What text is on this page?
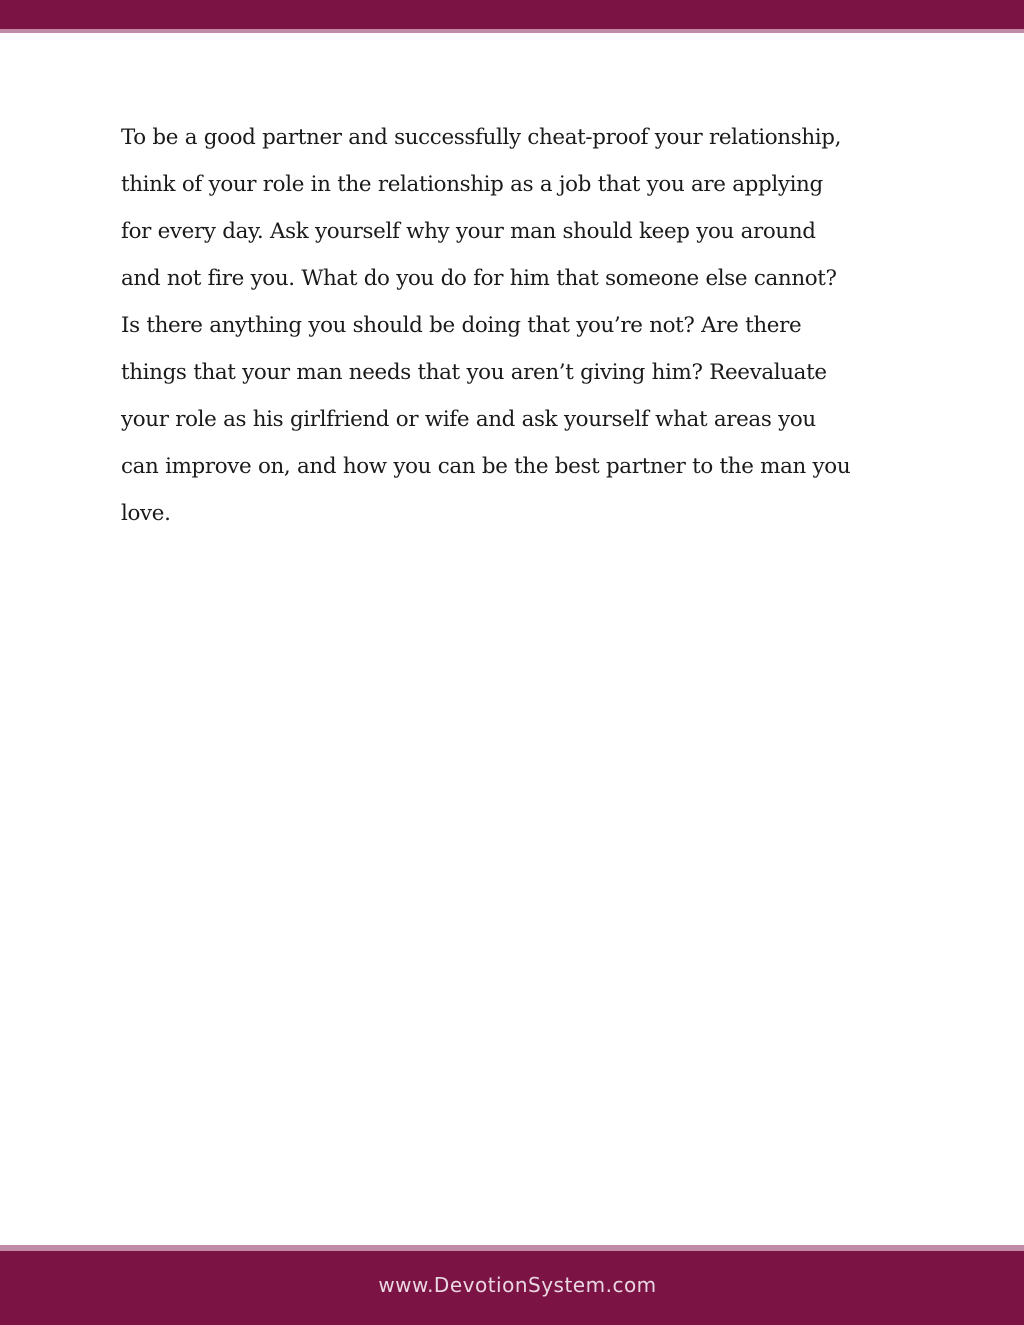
To be a good partner and successfully cheat-proof your relationship,
think of your role in the relationship as a job that you are applying
for every day. Ask yourself why your man should keep you around
and not fire you. What do you do for him that someone else cannot?
Is there anything you should be doing that you’re not? Are there
things that your man needs that you aren’t giving him? Reevaluate
your role as his girlfriend or wife and ask yourself what areas you
can improve on, and how you can be the best partner to the man you
love.

www.DevotionSystem.com
